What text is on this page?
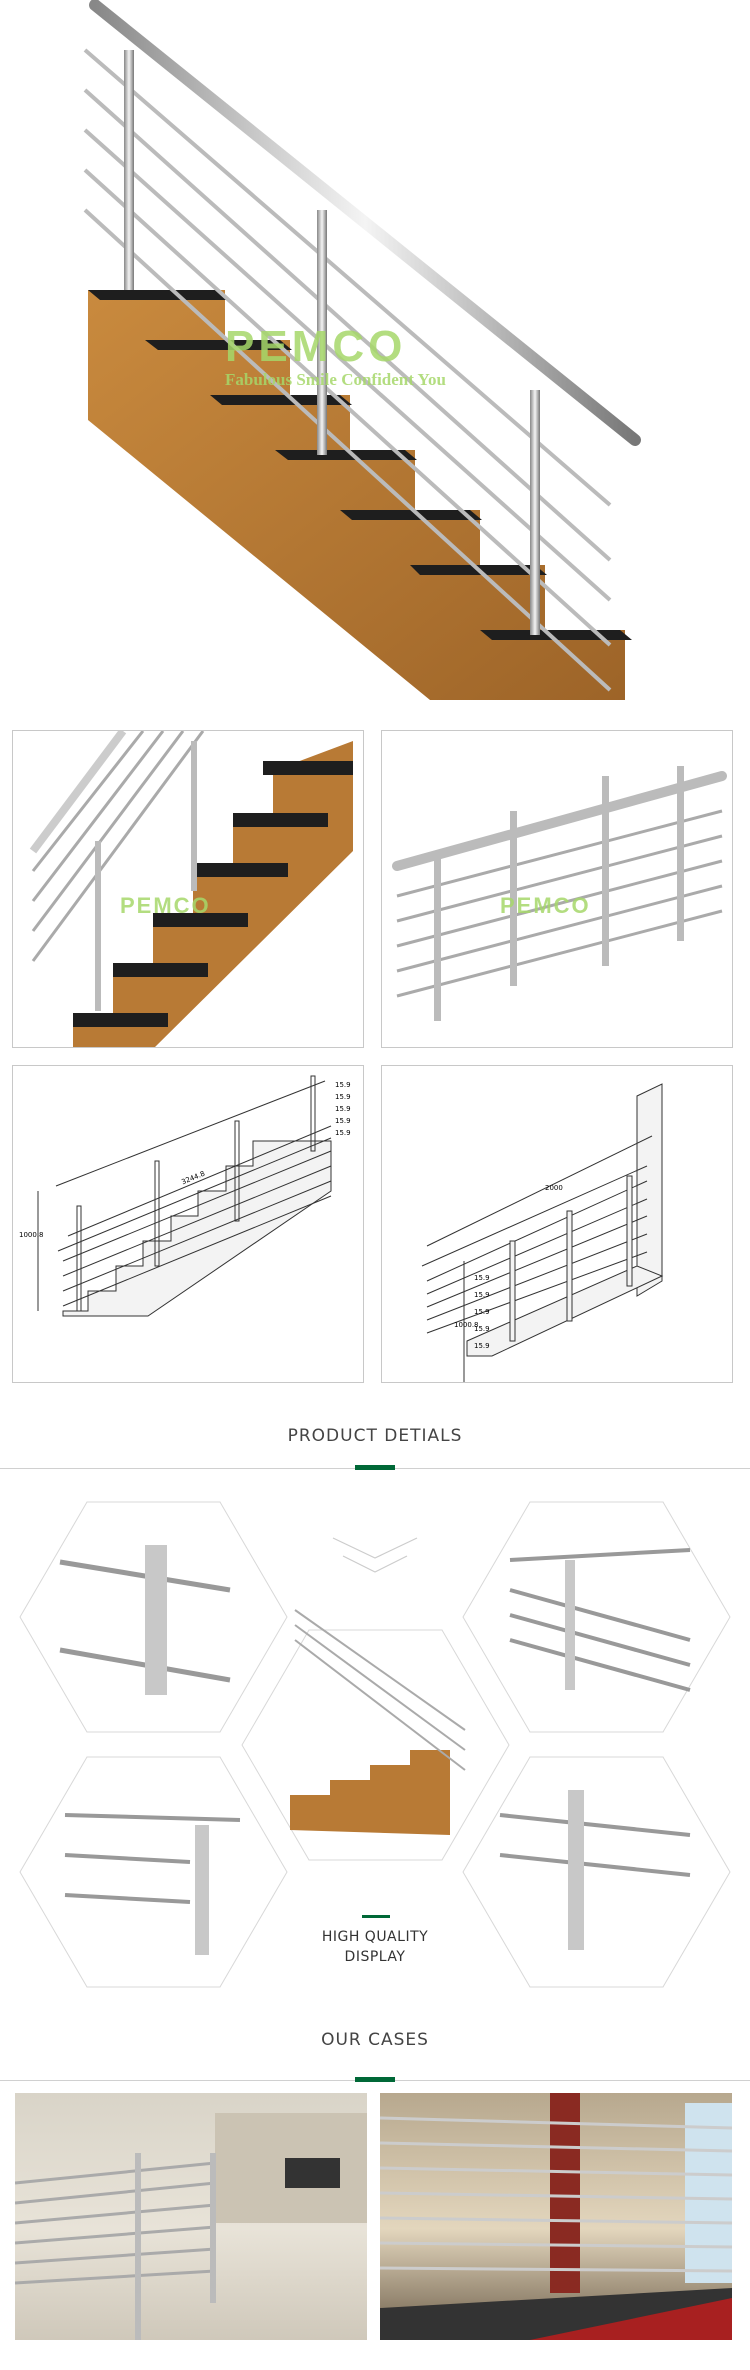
PEMCO
Fabulous Smile Confident You
PEMCO	PEMCO
3244.8
1000.8
15.9
15.9
15.9
15.9
15.9
2000
1000.8
15.9
15.9
15.9
15.9
15.9
PRODUCT DETIALS
HIGH QUALITY
DISPLAY
OUR CASES
